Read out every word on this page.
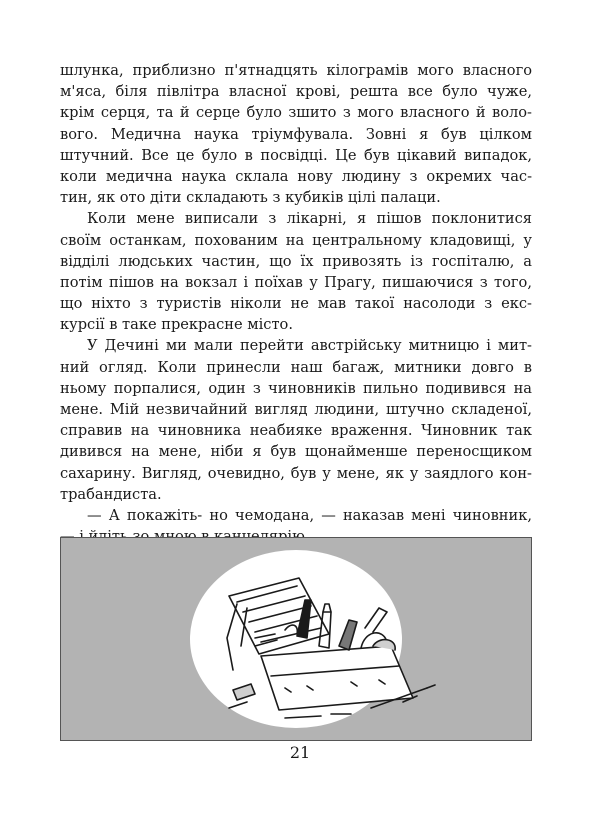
шлунка, приблизно п'ятнадцять кілограмів мого власного
м'яса, біля півлітра власної крові, решта все було чуже,
крім серця, та й серце було зшито з мого власного й воло-
вого. Медична наука тріумфувала. Зовні я був цілком
штучний. Все це було в посвідці. Це був цікавий випадок,
коли медична наука склала нову людину з окремих час-
тин, як ото діти складають з кубиків цілі палаци.
Коли мене виписали з лікарні, я пішов поклонитися
своїм останкам, похованим на центральному кладовищі, у
відділі людських частин, що їх привозять із госпіталю, а
потім пішов на вокзал і поїхав у Прагу, пишаючися з того,
що ніхто з туристів ніколи не мав такої насолоди з екс-
курсії в таке прекрасне місто.
У Дечині ми мали перейти австрійську митницю і мит-
ний огляд. Коли принесли наш багаж, митники довго в
ньому порпалися, один з чиновників пильно подивився на
мене. Мій незвичайний вигляд людини, штучно складеної,
справив на чиновника неабияке враження. Чиновник так
дивився на мене, ніби я був щонайменше переносщиком
сахарину. Вигляд, очевидно, був у мене, як у заядлого кон-
трабандиста.
— А покажіть- но чемодана, — наказав мені чиновник,
21
